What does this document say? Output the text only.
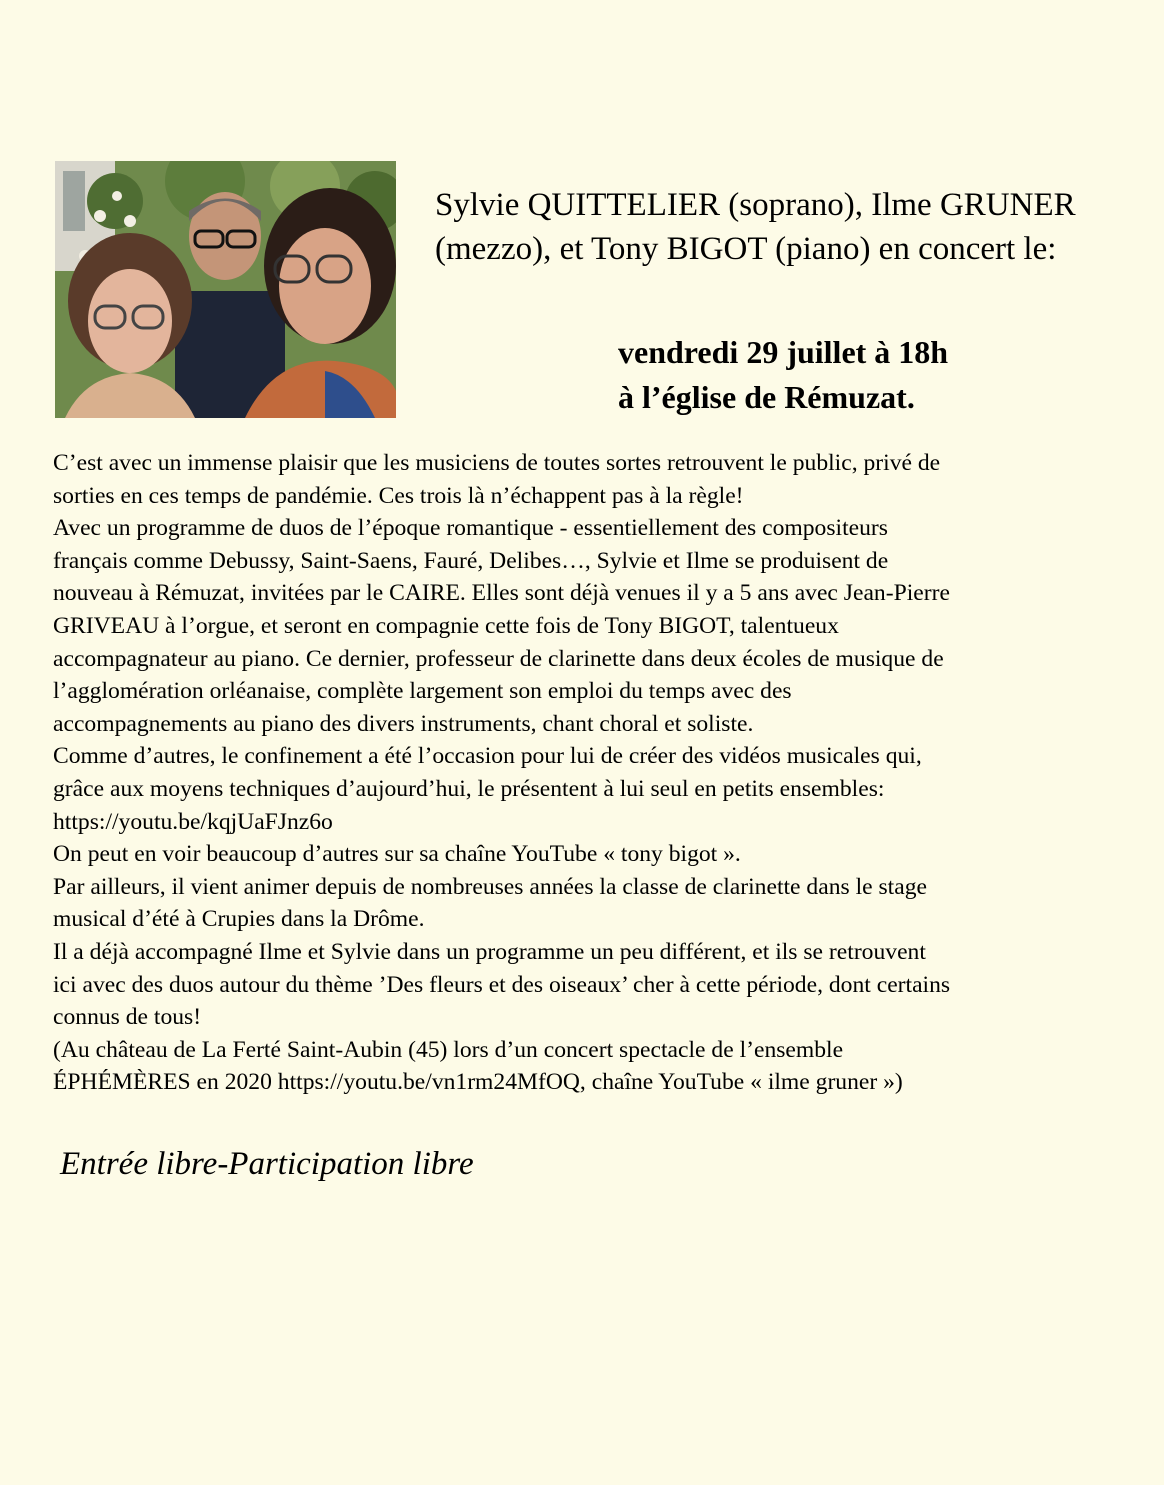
Sylvie QUITTELIER (soprano), Ilme GRUNER
(mezzo), et Tony BIGOT (piano) en concert le:

vendredi 29 juillet à 18h
à l’église de Rémuzat.

C’est avec un immense plaisir que les musiciens de toutes sortes retrouvent le public, privé de
sorties en ces temps de pandémie. Ces trois là n’échappent pas à la règle!
Avec un programme de duos de l’époque romantique - essentiellement des compositeurs
français comme Debussy, Saint-Saens, Fauré, Delibes…, Sylvie et Ilme se produisent de
nouveau à Rémuzat, invitées par le CAIRE. Elles sont déjà venues il y a 5 ans avec Jean-Pierre
GRIVEAU à l’orgue, et seront en compagnie cette fois de Tony BIGOT, talentueux
accompagnateur au piano. Ce dernier, professeur de clarinette dans deux écoles de musique de
l’agglomération orléanaise, complète largement son emploi du temps avec des
accompagnements au piano des divers instruments, chant choral et soliste.
Comme d’autres, le confinement a été l’occasion pour lui de créer des vidéos musicales qui,
grâce aux moyens techniques d’aujourd’hui, le présentent à lui seul en petits ensembles:
https://youtu.be/kqjUaFJnz6o
On peut en voir beaucoup d’autres sur sa chaîne YouTube « tony bigot ».
Par ailleurs, il vient animer depuis de nombreuses années la classe de clarinette dans le stage
musical d’été à Crupies dans la Drôme.
Il a déjà accompagné Ilme et Sylvie dans un programme un peu différent, et ils se retrouvent
ici avec des duos autour du thème ’Des fleurs et des oiseaux’ cher à cette période, dont certains
connus de tous!
(Au château de La Ferté Saint-Aubin (45) lors d’un concert spectacle de l’ensemble
ÉPHÉMÈRES en 2020 https://youtu.be/vn1rm24MfOQ, chaîne YouTube « ilme gruner »)

Entrée libre-Participation libre
